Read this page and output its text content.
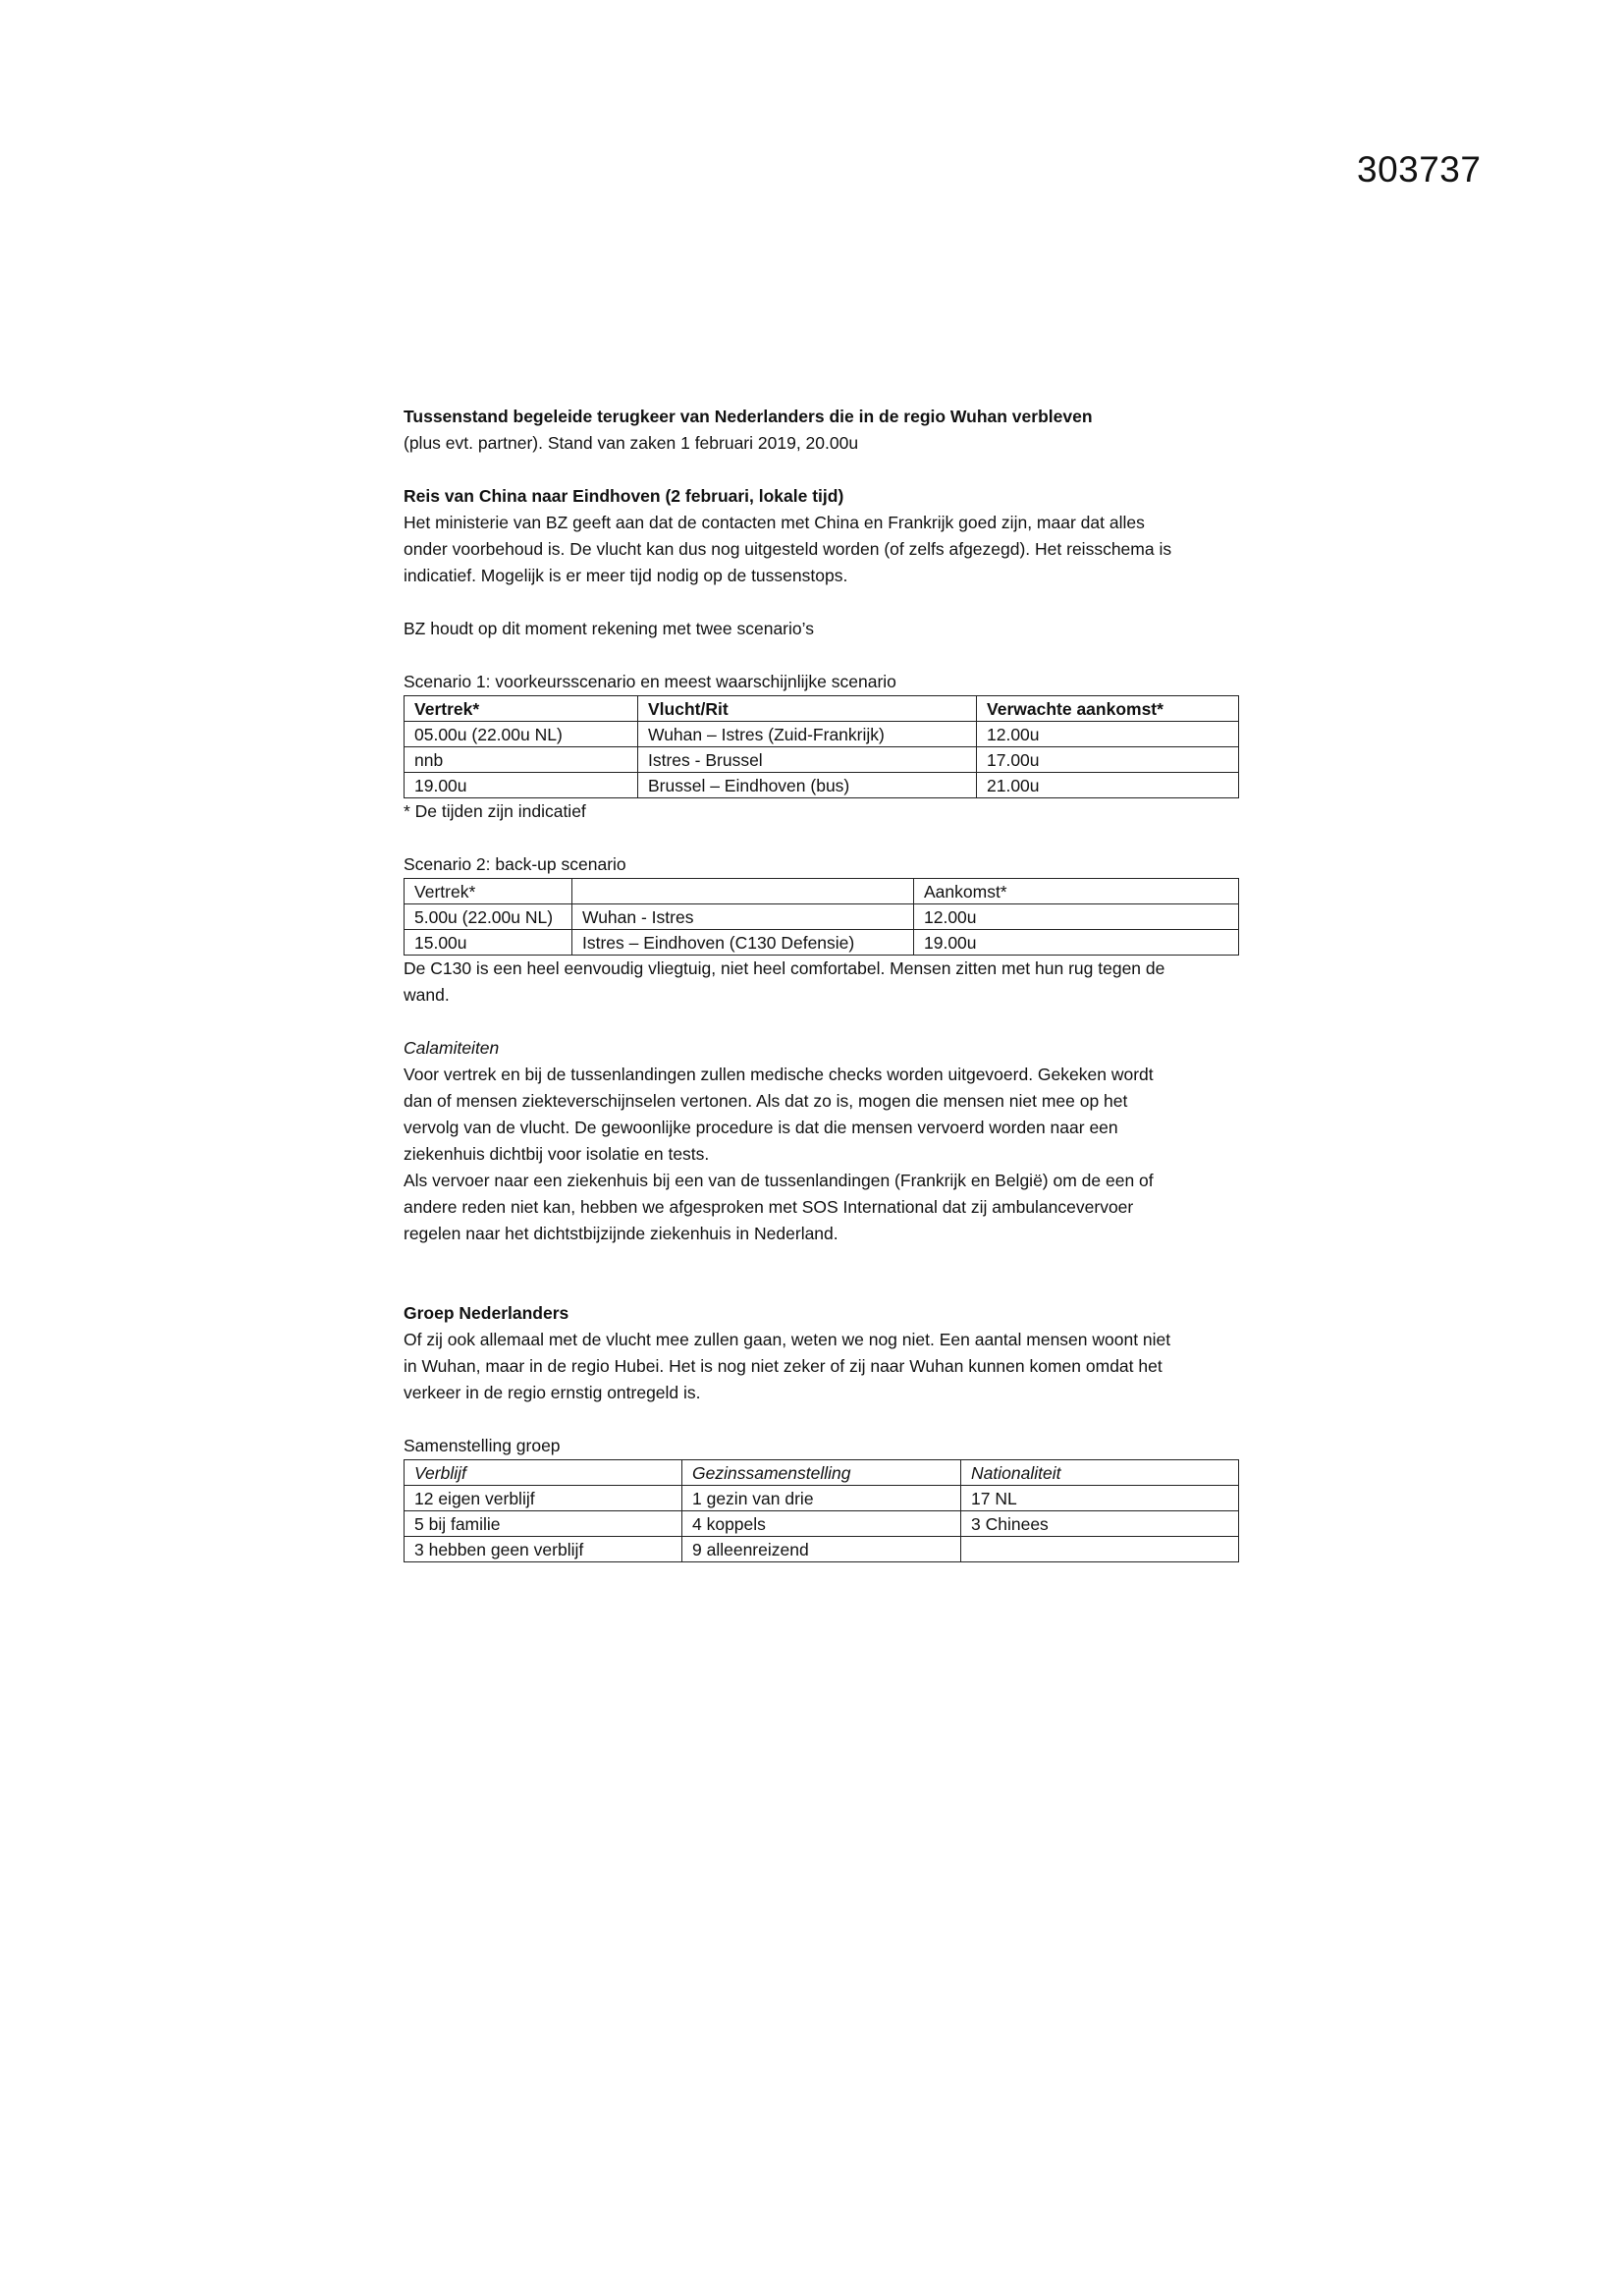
303737

Tussenstand begeleide terugkeer van Nederlanders die in de regio Wuhan verbleven

(plus evt. partner). Stand van zaken 1 februari 2019, 20.00u

Reis van China naar Eindhoven (2 februari, lokale tijd)

Het ministerie van BZ geeft aan dat de contacten met China en Frankrijk goed zijn, maar dat alles

onder voorbehoud is. De vlucht kan dus nog uitgesteld worden (of zelfs afgezegd). Het reisschema is

indicatief. Mogelijk is er meer tijd nodig op de tussenstops.

BZ houdt op dit moment rekening met twee scenario’s

Scenario 1: voorkeursscenario en meest waarschijnlijke scenario

Vertrek*	Vlucht/Rit	Verwachte aankomst*
05.00u (22.00u NL)	Wuhan – Istres (Zuid-Frankrijk)	12.00u
nnb	Istres - Brussel	17.00u
19.00u	Brussel – Eindhoven (bus)	21.00u

* De tijden zijn indicatief

Scenario 2: back-up scenario

Vertrek*		Aankomst*
5.00u (22.00u NL)	Wuhan - Istres	12.00u
15.00u	Istres – Eindhoven (C130 Defensie)	19.00u

De C130 is een heel eenvoudig vliegtuig, niet heel comfortabel. Mensen zitten met hun rug tegen de

wand.

Calamiteiten

Voor vertrek en bij de tussenlandingen zullen medische checks worden uitgevoerd. Gekeken wordt

dan of mensen ziekteverschijnselen vertonen. Als dat zo is, mogen die mensen niet mee op het

vervolg van de vlucht. De gewoonlijke procedure is dat die mensen vervoerd worden naar een

ziekenhuis dichtbij voor isolatie en tests.

Als vervoer naar een ziekenhuis bij een van de tussenlandingen (Frankrijk en België) om de een of

andere reden niet kan, hebben we afgesproken met SOS International dat zij ambulancevervoer

regelen naar het dichtstbijzijnde ziekenhuis in Nederland.

Groep Nederlanders

Of zij ook allemaal met de vlucht mee zullen gaan, weten we nog niet. Een aantal mensen woont niet

in Wuhan, maar in de regio Hubei. Het is nog niet zeker of zij naar Wuhan kunnen komen omdat het

verkeer in de regio ernstig ontregeld is.

Samenstelling groep

Verblijf	Gezinssamenstelling	Nationaliteit
12 eigen verblijf	1 gezin van drie	17 NL
5 bij familie	4 koppels	3 Chinees
3 hebben geen verblijf	9 alleenreizend	
